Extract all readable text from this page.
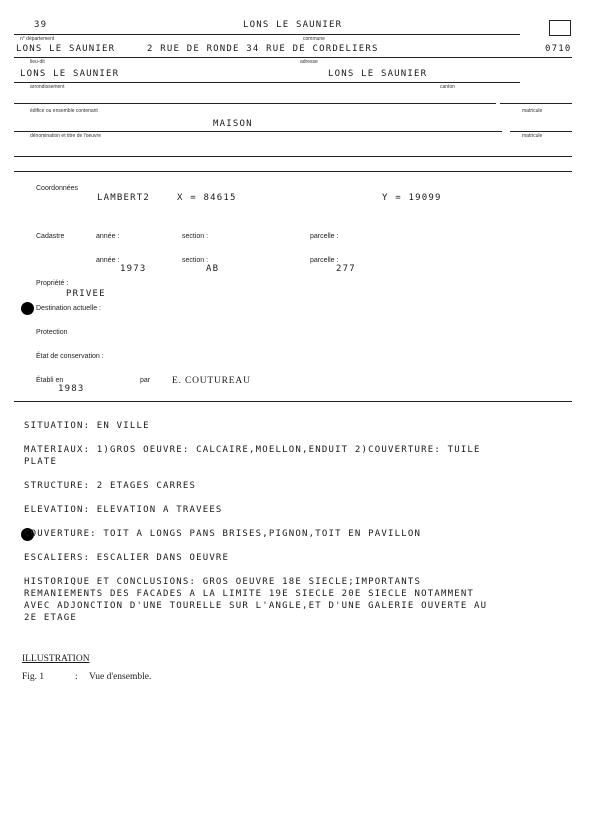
39	LONS LE SAUNIER
n° département	commune
LONS LE SAUNIER	2 RUE DE RONDE 34 RUE DE CORDELIERS	0710
lieu-dit	adresse
LONS LE SAUNIER	LONS LE SAUNIER
arrondissement	canton
édifice ou ensemble contenant	matricule
MAISON
dénomination et titre de l'oeuvre	matricule
Coordonnées
LAMBERT2	X = 84615	Y = 19099
Cadastre	année :	section :	parcelle :
année :	section :	parcelle :
1973	AB	277
Propriété :
PRIVEE
Destination actuelle :
Protection
État de conservation :
Établi en
1983
par E. COUTUREAU
SITUATION: EN VILLE
MATERIAUX: 1)GROS OEUVRE: CALCAIRE,MOELLON,ENDUIT 2)COUVERTURE: TUILE
PLATE
STRUCTURE: 2 ETAGES CARRES
ELEVATION: ELEVATION A TRAVEES
COUVERTURE: TOIT A LONGS PANS BRISES,PIGNON,TOIT EN PAVILLON
ESCALIERS: ESCALIER DANS OEUVRE
HISTORIQUE ET CONCLUSIONS: GROS OEUVRE 18E SIECLE;IMPORTANTS
REMANIEMENTS DES FACADES A LA LIMITE 19E SIECLE 20E SIECLE NOTAMMENT
AVEC ADJONCTION D'UNE TOURELLE SUR L'ANGLE,ET D'UNE GALERIE OUVERTE AU
2E ETAGE
ILLUSTRATION
Fig. 1	: Vue d'ensemble.
